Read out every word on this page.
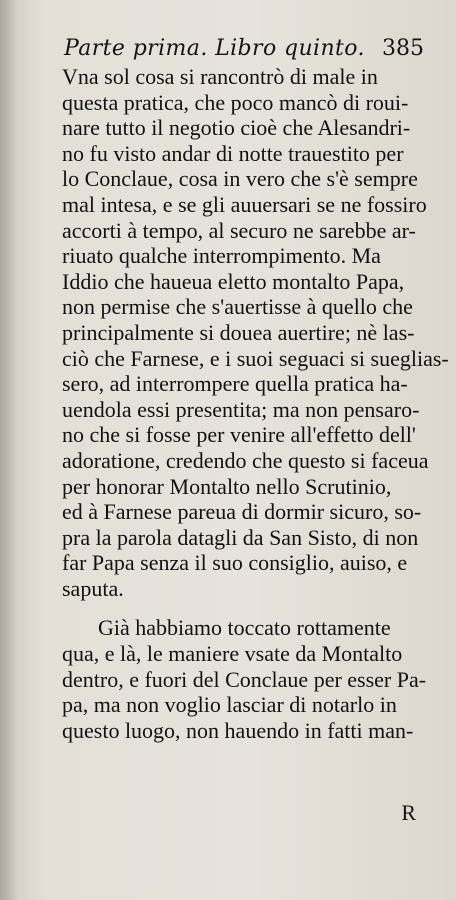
Parte prima. Libro quinto. 385
Vna sol cosa si rancontrò di male in
questa pratica, che poco mancò di roui-
nare tutto il negotio cioè che Alesandri-
no fu visto andar di notte trauestito per
lo Conclaue, cosa in vero che s'è sempre
mal intesa, e se gli auuersari se ne fossiro
accorti à tempo, al securo ne sarebbe ar-
riuato qualche interrompimento. Ma
Iddio che haueua eletto montalto Papa,
non permise che s'auertisse à quello che
principalmente si douea auertire; nè las-
ciò che Farnese, e i suoi seguaci si sueglias-
sero, ad interrompere quella pratica ha-
uendola essi presentita; ma non pensaro-
no che si fosse per venire all'effetto dell'
adoratione, credendo che questo si faceua
per honorar Montalto nello Scrutinio,
ed à Farnese pareua di dormir sicuro, so-
pra la parola datagli da San Sisto, di non
far Papa senza il suo consiglio, auiso, e
saputa.
Già habbiamo toccato rottamente
qua, e là, le maniere vsate da Montalto
dentro, e fuori del Conclaue per esser Pa-
pa, ma non voglio lasciar di notarlo in
questo luogo, non hauendo in fatti man-
R
